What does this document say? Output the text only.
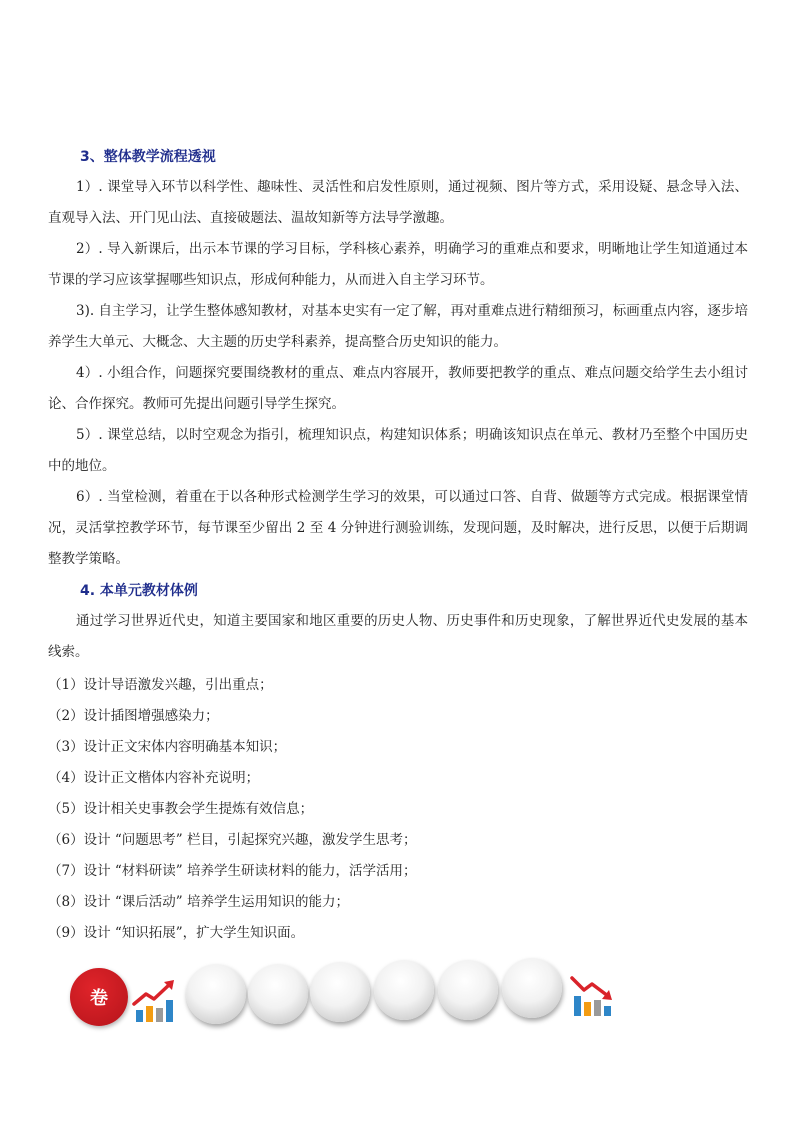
3、整体教学流程透视

1）. 课堂导入环节以科学性、趣味性、灵活性和启发性原则，通过视频、图片等方式，采用设疑、悬念导入法、直观导入法、开门见山法、直接破题法、温故知新等方法导学激趣。

2）. 导入新课后，出示本节课的学习目标，学科核心素养，明确学习的重难点和要求，明晰地让学生知道通过本节课的学习应该掌握哪些知识点，形成何种能力，从而进入自主学习环节。

3). 自主学习，让学生整体感知教材，对基本史实有一定了解，再对重难点进行精细预习，标画重点内容，逐步培养学生大单元、大概念、大主题的历史学科素养，提高整合历史知识的能力。

4）. 小组合作，问题探究要围绕教材的重点、难点内容展开，教师要把教学的重点、难点问题交给学生去小组讨论、合作探究。教师可先提出问题引导学生探究。

5）. 课堂总结，以时空观念为指引，梳理知识点，构建知识体系；明确该知识点在单元、教材乃至整个中国历史中的地位。

6）. 当堂检测，着重在于以各种形式检测学生学习的效果，可以通过口答、自背、做题等方式完成。根据课堂情况，灵活掌控教学环节，每节课至少留出 2 至 4 分钟进行测验训练，发现问题，及时解决，进行反思，以便于后期调整教学策略。

4. 本单元教材体例

通过学习世界近代史，知道主要国家和地区重要的历史人物、历史事件和历史现象，了解世界近代史发展的基本线索。

（1）设计导语激发兴趣，引出重点；
（2）设计插图增强感染力；
（3）设计正文宋体内容明确基本知识；
（4）设计正文楷体内容补充说明；
（5）设计相关史事教会学生提炼有效信息；
（6）设计 “问题思考” 栏目，引起探究兴趣，激发学生思考；
（7）设计 “材料研读” 培养学生研读材料的能力，活学活用；
（8）设计 “课后活动” 培养学生运用知识的能力；
（9）设计 “知识拓展”，扩大学生知识面。
卷
